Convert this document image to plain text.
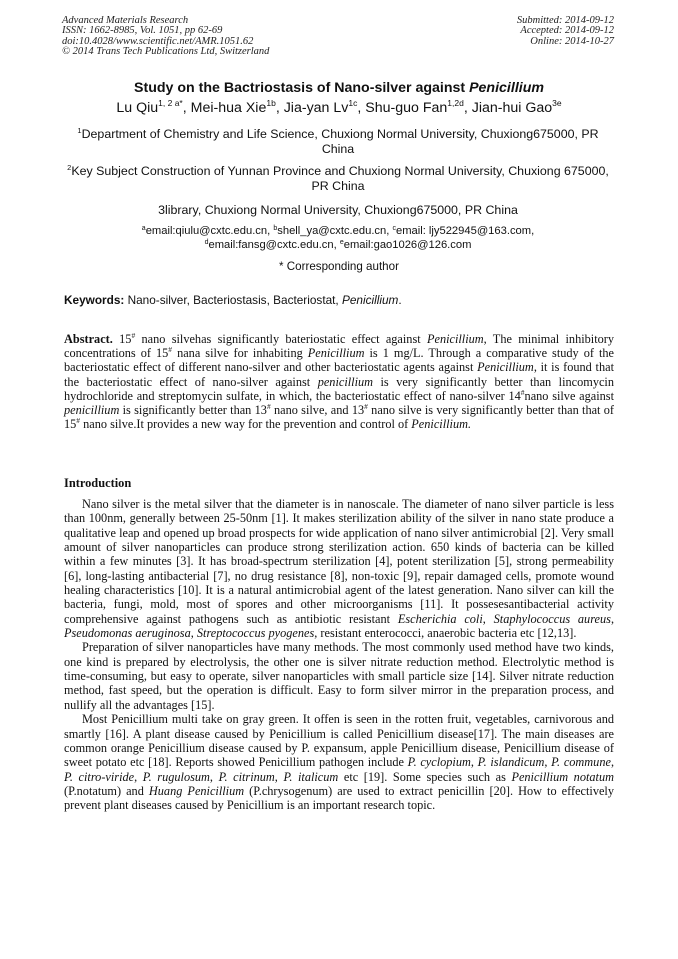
Advanced Materials Research
ISSN: 1662-8985, Vol. 1051, pp 62-69
doi:10.4028/www.scientific.net/AMR.1051.62
© 2014 Trans Tech Publications Ltd, Switzerland
Submitted: 2014-09-12
Accepted: 2014-09-12
Online: 2014-10-27
Study on the Bactriostasis of Nano-silver against Penicillium
Lu Qiu$^{1, 2 a*}$, Mei-hua Xie$^{1b}$, Jia-yan $Lv^{1c}$, Shu-guo Fan$^{1,2d}$, Jian-hui Gao$^{3e}$
$^1$Department of Chemistry and Life Science, Chuxiong Normal University, Chuxiong675000, PR China
$^2$Key Subject Construction of Yunnan Province and Chuxiong Normal University, Chuxiong 675000, PR China
3library, Chuxiong Normal University, Chuxiong675000, PR China
$^a$email:qiulu@cxtc.edu.cn, $^b$shell_ya@cxtc.edu.cn, $^c$email: ljy522945@163.com,
$^d$email:fansg@cxtc.edu.cn, $^e$email:gao1026@126.com
* Corresponding author
Keywords: Nano-silver, Bacteriostasis, Bacteriostat, Penicillium.
Abstract. 15# nano silvehas significantly bateriostatic effect against Penicillium, The minimal inhibitory concentrations of 15# nana silve for inhabiting Penicillium is 1 mg/L. Through a comparative study of the bacteriostatic effect of different nano-silver and other bacteriostatic agents against Penicillium, it is found that the bacteriostatic effect of nano-silver against penicillium is very significantly better than lincomycin hydrochloride and streptomycin sulfate, in which, the bacteriostatic effect of nano-silver 14#nano silve against penicillium is significantly better than 13# nano silve, and 13# nano silve is very significantly better than that of 15# nano silve.It provides a new way for the prevention and control of Penicillium.
Introduction

Nano silver is the metal silver that the diameter is in nanoscale. The diameter of nano silver particle is less than 100nm, generally between 25-50nm [1]. It makes sterilization ability of the silver in nano state produce a qualitative leap and opened up broad prospects for wide application of nano silver antimicrobial [2]. Very small amount of silver nanoparticles can produce strong sterilization action. 650 kinds of bacteria can be killed within a few minutes [3]. It has broad-spectrum sterilization [4], potent sterilization [5], strong permeability [6], long-lasting antibacterial [7], no drug resistance [8], non-toxic [9], repair damaged cells, promote wound healing characteristics [10]. It is a natural antimicrobial agent of the latest generation. Nano silver can kill the bacteria, fungi, mold, most of spores and other microorganisms [11]. It possesesantibacterial activity comprehensive against pathogens such as antibiotic resistant Escherichia coli, Staphylococcus aureus, Pseudomonas aeruginosa, Streptococcus pyogenes, resistant enterococci, anaerobic bacteria etc [12,13].

Preparation of silver nanoparticles have many methods. The most commonly used method have two kinds, one kind is prepared by electrolysis, the other one is silver nitrate reduction method. Electrolytic method is time-consuming, but easy to operate, silver nanoparticles with small particle size [14]. Silver nitrate reduction method, fast speed, but the operation is difficult. Easy to form silver mirror in the preparation process, and nullify all the advantages [15].

Most Penicillium multi take on gray green. It offen is seen in the rotten fruit, vegetables, carnivorous and smartly [16]. A plant disease caused by Penicillium is called Penicillium disease[17]. The main diseases are common orange Penicillium disease caused by P. expansum, apple Penicillium disease, Penicillium disease of sweet potato etc [18]. Reports showed Penicillium pathogen include P. cyclopium, P. islandicum, P. commune, P. citro-viride, P. rugulosum, P. citrinum, P. italicum etc [19]. Some species such as Penicillium notatum (P.notatum) and Huang Penicillium (P.chrysogenum) are used to extract penicillin [20]. How to effectively prevent plant diseases caused by Penicillium is an important research topic.
